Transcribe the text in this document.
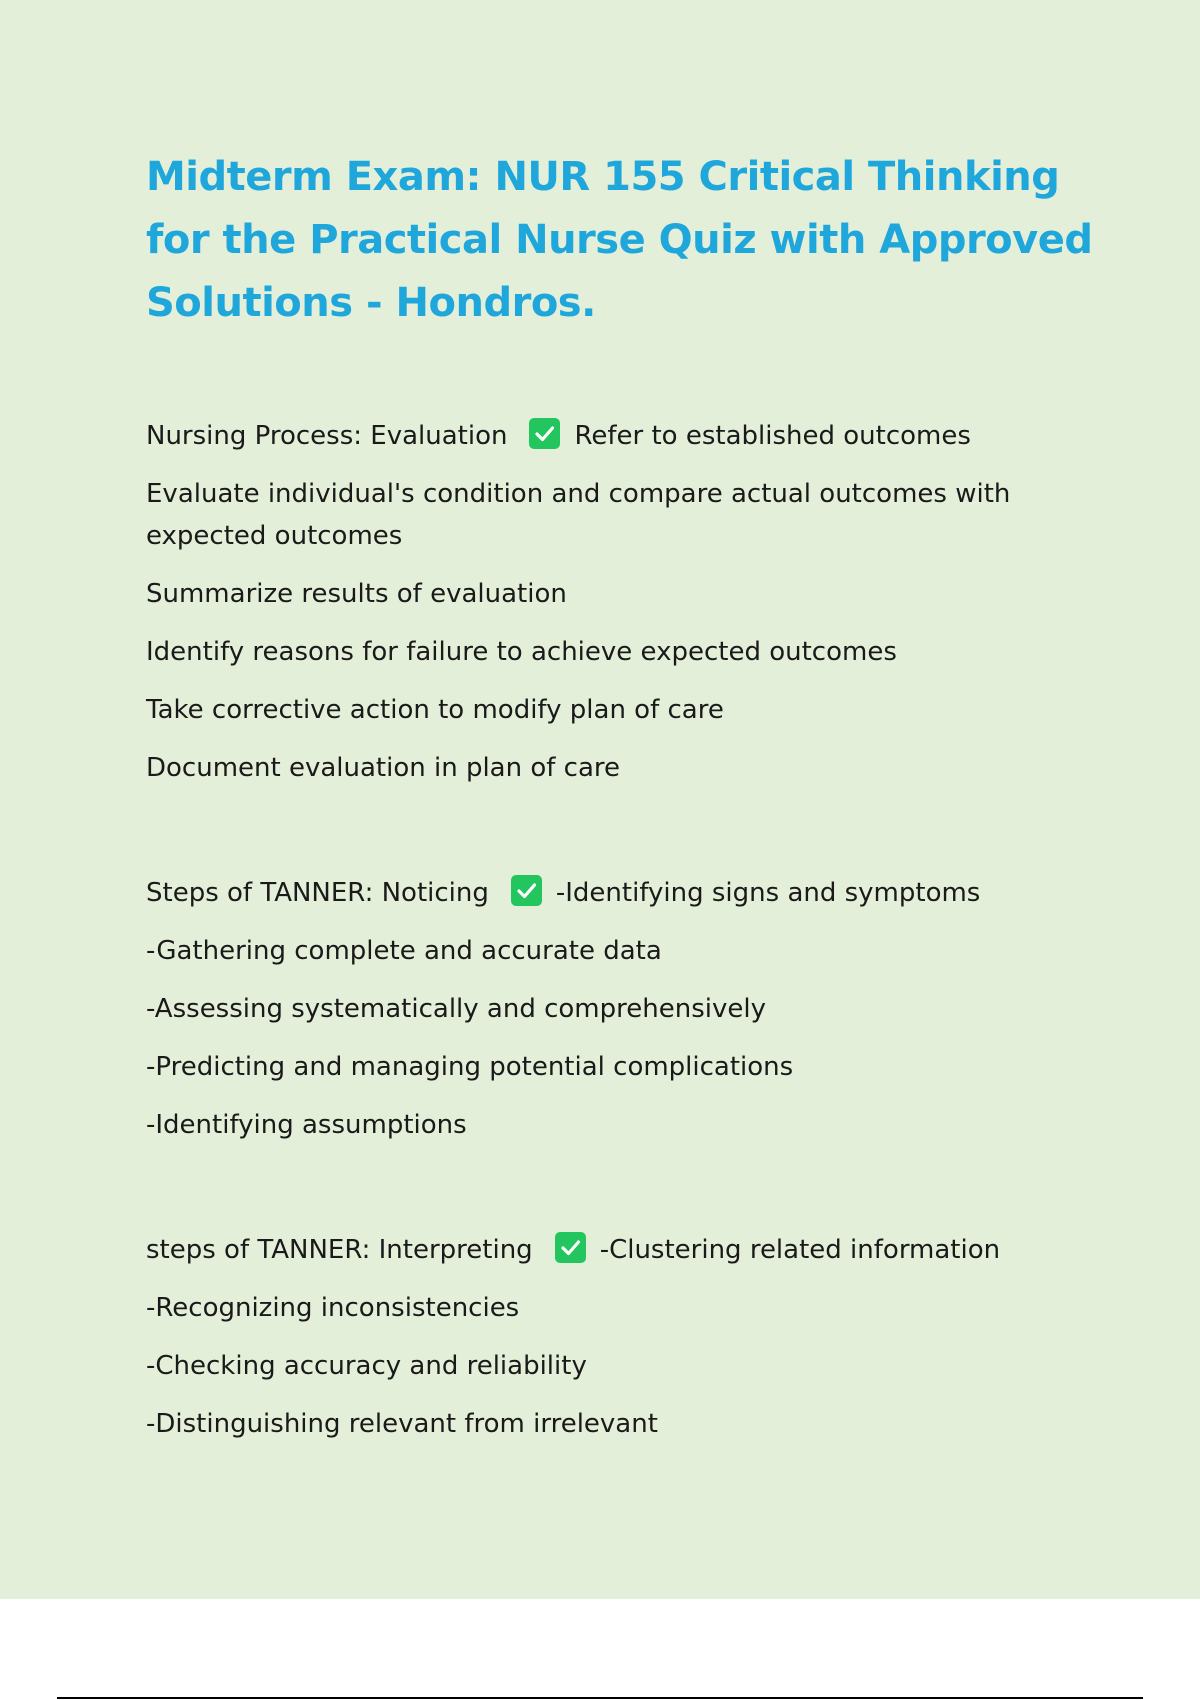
Midterm Exam: NUR 155 Critical Thinking for the Practical Nurse Quiz with Approved Solutions - Hondros.

Nursing Process: Evaluation	Refer to established outcomes

Evaluate individual's condition and compare actual outcomes with expected outcomes

Summarize results of evaluation

Identify reasons for failure to achieve expected outcomes

Take corrective action to modify plan of care

Document evaluation in plan of care

Steps of TANNER: Noticing	-Identifying signs and symptoms

-Gathering complete and accurate data

-Assessing systematically and comprehensively

-Predicting and managing potential complications

-Identifying assumptions

steps of TANNER: Interpreting	-Clustering related information

-Recognizing inconsistencies

-Checking accuracy and reliability

-Distinguishing relevant from irrelevant
